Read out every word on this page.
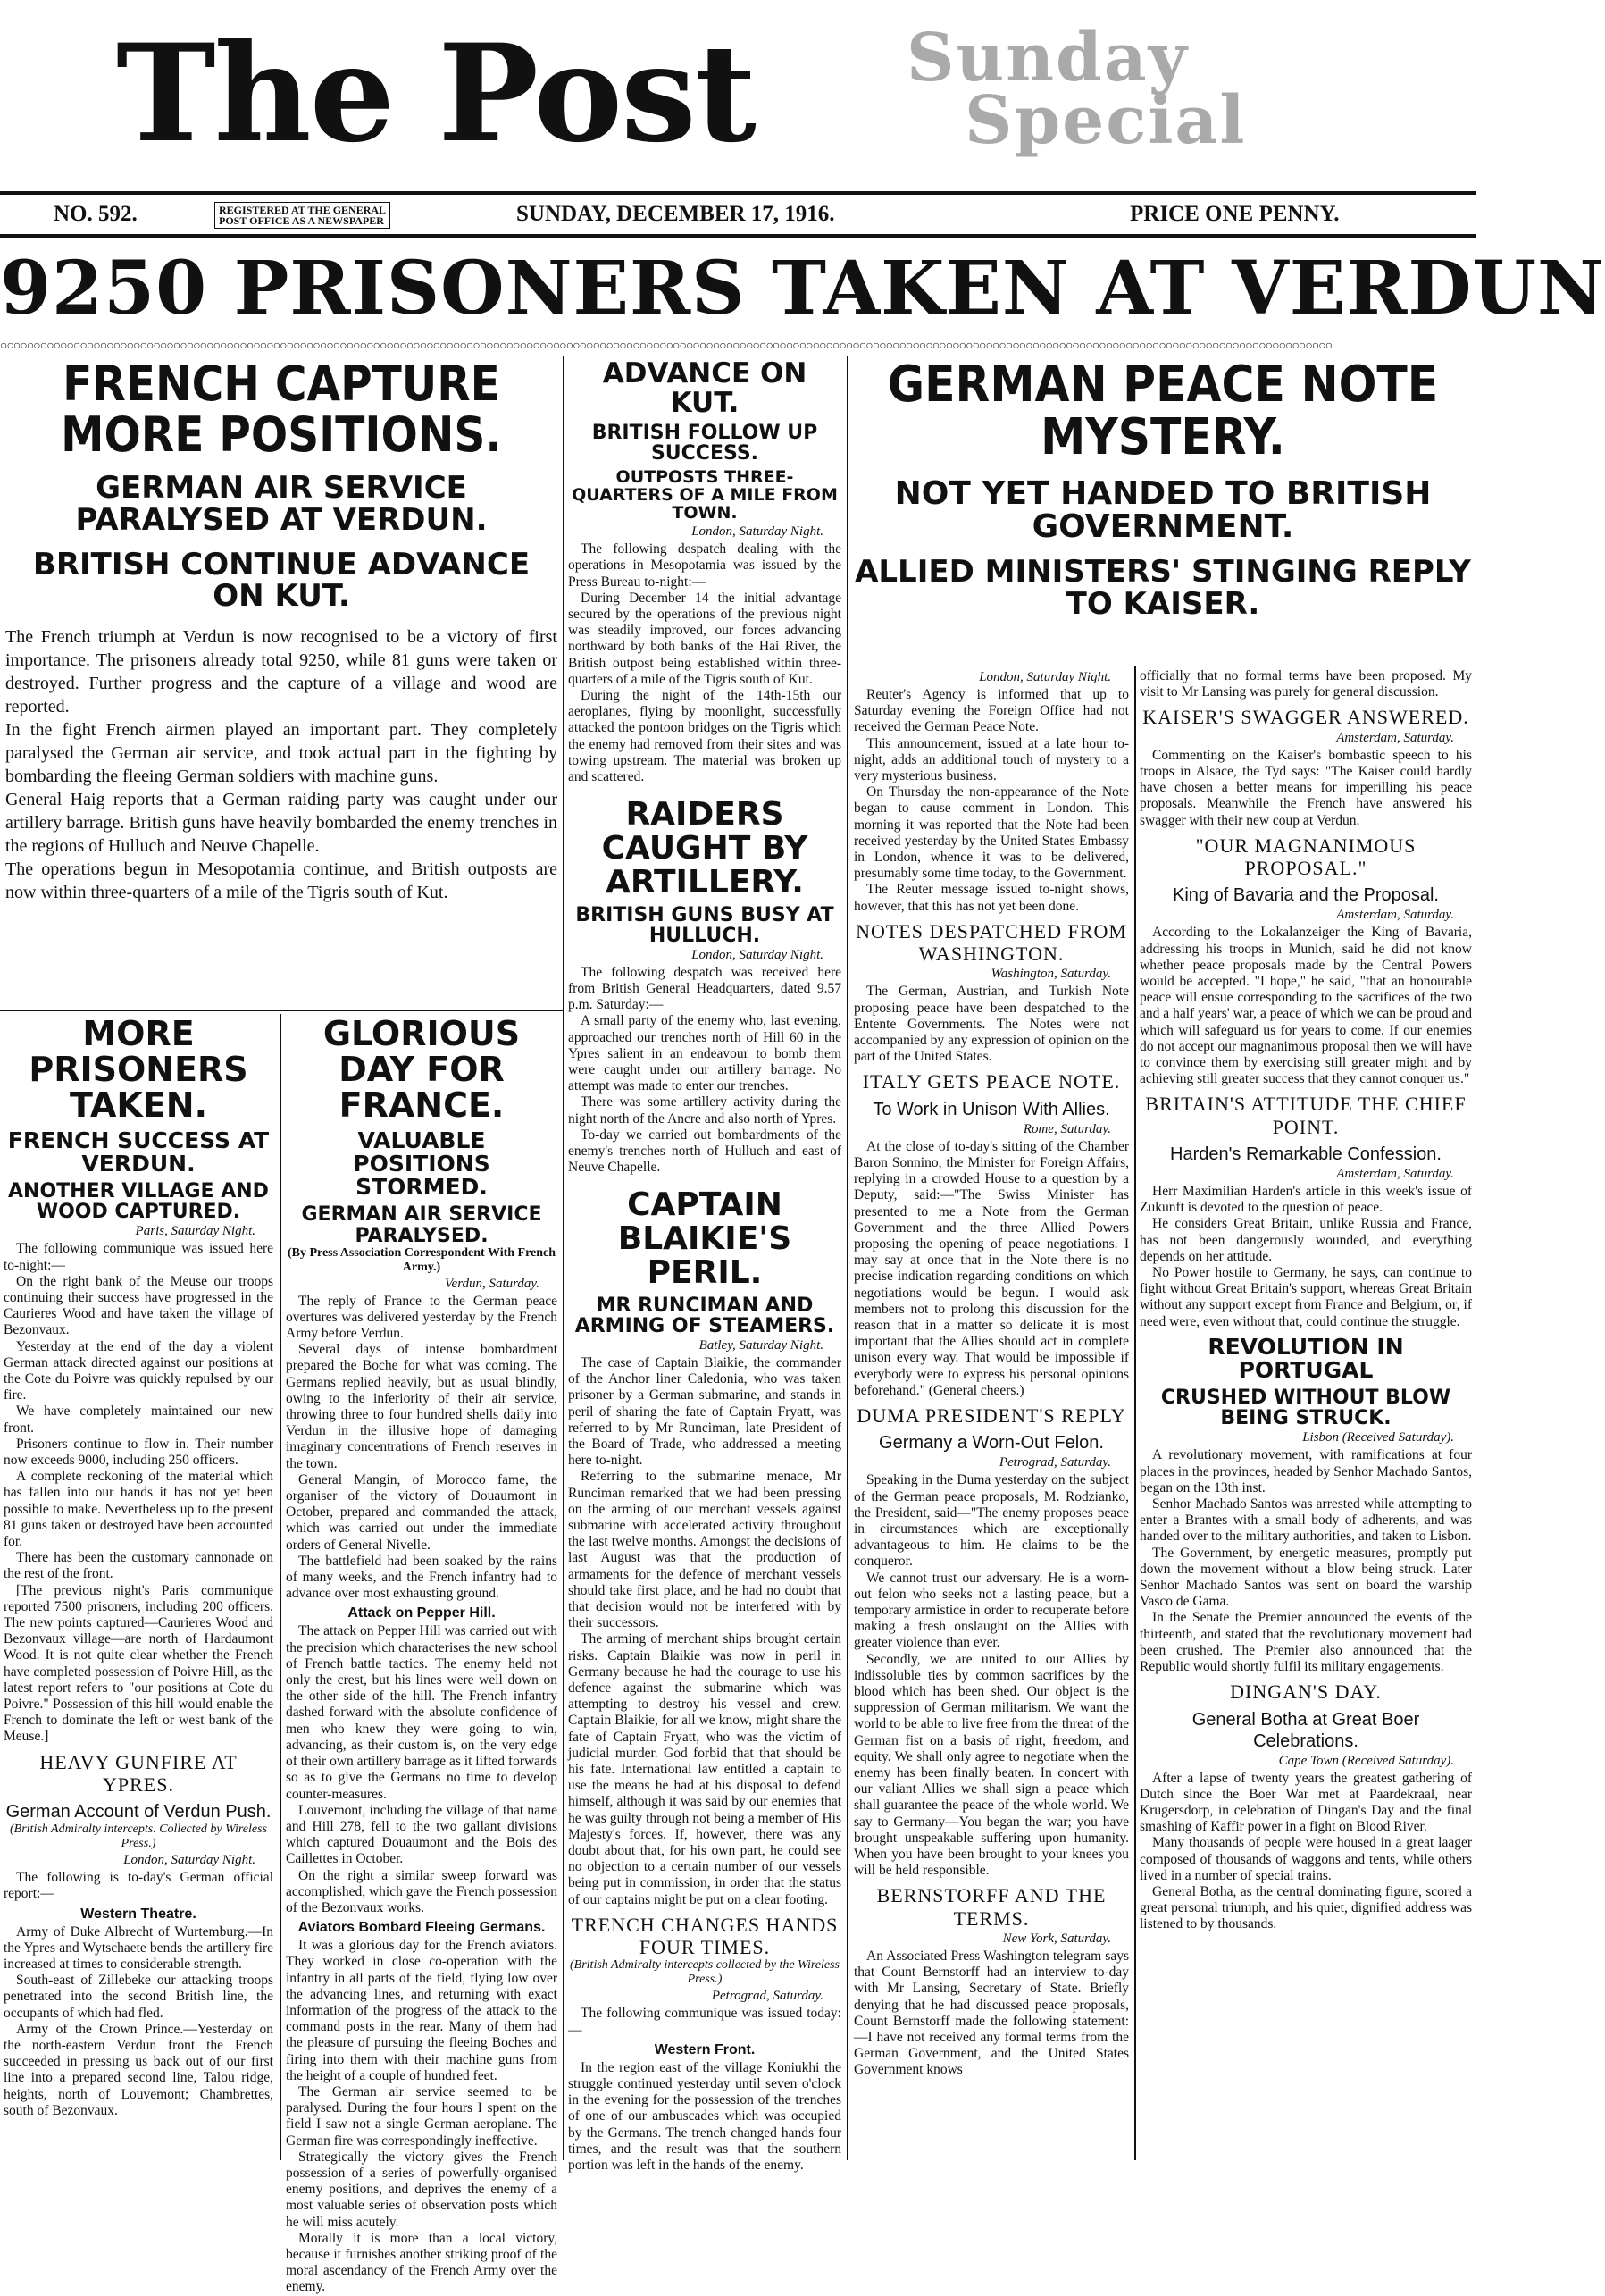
The Post Sunday
Special
NO. 592.	REGISTERED AT THE GENERAL
POST OFFICE AS A NEWSPAPER	SUNDAY, DECEMBER 17, 1916.	PRICE ONE PENNY.
9250 PRISONERS TAKEN AT VERDUN
○○○○○○○○○○○○○○○○○○○○○○○○○○○○○○○○○○○○○○○○○○○○○○○○○○○○○○○○○○○○○○○○○○○○○○○○○○○○○○○○○○○○○○○○○○○○○○○○○○○○○○○○○○○○○○○○○○○○○○○○○○○○○○○○○○○○○○○○○○○○○○○○○○○○○○○○○○○○○○○○○○○○○○○○○○○○○○○○○○○○○○○○○○○○○○○○○○○○○○○○
FRENCH CAPTURE MORE POSITIONS.
GERMAN AIR SERVICE PARALYSED AT VERDUN.
BRITISH CONTINUE ADVANCE ON KUT.

The French triumph at Verdun is now recognised to be a victory of first importance. The prisoners already total 9250, while 81 guns were taken or destroyed. Further progress and the capture of a village and wood are reported.

In the fight French airmen played an important part. They completely paralysed the German air service, and took actual part in the fighting by bombarding the fleeing German soldiers with machine guns.

General Haig reports that a German raiding party was caught under our artillery barrage. British guns have heavily bombarded the enemy trenches in the regions of Hulluch and Neuve Chapelle.

The operations begun in Mesopotamia continue, and British outposts are now within three-quarters of a mile of the Tigris south of Kut.

MORE PRISONERS TAKEN.
FRENCH SUCCESS AT VERDUN.
ANOTHER VILLAGE AND WOOD CAPTURED.

Paris, Saturday Night.

The following communique was issued here to-night:—

On the right bank of the Meuse our troops continuing their success have progressed in the Caurieres Wood and have taken the village of Bezonvaux.

Yesterday at the end of the day a violent German attack directed against our positions at the Cote du Poivre was quickly repulsed by our fire.

We have completely maintained our new front.

Prisoners continue to flow in. Their number now exceeds 9000, including 250 officers.

A complete reckoning of the material which has fallen into our hands it has not yet been possible to make. Nevertheless up to the present 81 guns taken or destroyed have been accounted for.

There has been the customary cannonade on the rest of the front.

[The previous night's Paris communique reported 7500 prisoners, including 200 officers. The new points captured—Caurieres Wood and Bezonvaux village—are north of Hardaumont Wood. It is not quite clear whether the French have completed possession of Poivre Hill, as the latest report refers to "our positions at Cote du Poivre." Possession of this hill would enable the French to dominate the left or west bank of the Meuse.]

HEAVY GUNFIRE AT YPRES.
German Account of Verdun Push.

(British Admiralty intercepts. Collected by Wireless Press.)

London, Saturday Night.

The following is to-day's German official report:—

Western Theatre.

Army of Duke Albrecht of Wurtemburg.—In the Ypres and Wytschaete bends the artillery fire increased at times to considerable strength.

South-east of Zillebeke our attacking troops penetrated into the second British line, the occupants of which had fled.

Army of the Crown Prince.—Yesterday on the north-eastern Verdun front the French succeeded in pressing us back out of our first line into a prepared second line, Talou ridge, heights, north of Louvemont; Chambrettes, south of Bezonvaux.

GLORIOUS DAY FOR FRANCE.
VALUABLE POSITIONS STORMED.
GERMAN AIR SERVICE PARALYSED.

(By Press Association Correspondent With French Army.)

Verdun, Saturday.

The reply of France to the German peace overtures was delivered yesterday by the French Army before Verdun.

Several days of intense bombardment prepared the Boche for what was coming. The Germans replied heavily, but as usual blindly, owing to the inferiority of their air service, throwing three to four hundred shells daily into Verdun in the illusive hope of damaging imaginary concentrations of French reserves in the town.

General Mangin, of Morocco fame, the organiser of the victory of Douaumont in October, prepared and commanded the attack, which was carried out under the immediate orders of General Nivelle.

The battlefield had been soaked by the rains of many weeks, and the French infantry had to advance over most exhausting ground.

Attack on Pepper Hill.

The attack on Pepper Hill was carried out with the precision which characterises the new school of French battle tactics. The enemy held not only the crest, but his lines were well down on the other side of the hill. The French infantry dashed forward with the absolute confidence of men who knew they were going to win, advancing, as their custom is, on the very edge of their own artillery barrage as it lifted forwards so as to give the Germans no time to develop counter-measures.

Louvemont, including the village of that name and Hill 278, fell to the two gallant divisions which captured Douaumont and the Bois des Caillettes in October.

On the right a similar sweep forward was accomplished, which gave the French possession of the Bezonvaux works.

Aviators Bombard Fleeing Germans.

It was a glorious day for the French aviators. They worked in close co-operation with the infantry in all parts of the field, flying low over the advancing lines, and returning with exact information of the progress of the attack to the command posts in the rear. Many of them had the pleasure of pursuing the fleeing Boches and firing into them with their machine guns from the height of a couple of hundred feet.

The German air service seemed to be paralysed. During the four hours I spent on the field I saw not a single German aeroplane. The German fire was correspondingly ineffective.

Strategically the victory gives the French possession of a series of powerfully-organised enemy positions, and deprives the enemy of a most valuable series of observation posts which he will miss acutely.

Morally it is more than a local victory, because it furnishes another striking proof of the moral ascendancy of the French Army over the enemy.

ADVANCE ON KUT.
BRITISH FOLLOW UP SUCCESS.
OUTPOSTS THREE-QUARTERS OF A MILE FROM TOWN.

London, Saturday Night.

The following despatch dealing with the operations in Mesopotamia was issued by the Press Bureau to-night:—

During December 14 the initial advantage secured by the operations of the previous night was steadily improved, our forces advancing northward by both banks of the Hai River, the British outpost being established within three-quarters of a mile of the Tigris south of Kut.

During the night of the 14th-15th our aeroplanes, flying by moonlight, successfully attacked the pontoon bridges on the Tigris which the enemy had removed from their sites and was towing upstream. The material was broken up and scattered.

RAIDERS CAUGHT BY ARTILLERY.
BRITISH GUNS BUSY AT HULLUCH.

London, Saturday Night.

The following despatch was received here from British General Headquarters, dated 9.57 p.m. Saturday:—

A small party of the enemy who, last evening, approached our trenches north of Hill 60 in the Ypres salient in an endeavour to bomb them were caught under our artillery barrage. No attempt was made to enter our trenches.

There was some artillery activity during the night north of the Ancre and also north of Ypres.

To-day we carried out bombardments of the enemy's trenches north of Hulluch and east of Neuve Chapelle.

CAPTAIN BLAIKIE'S PERIL.
MR RUNCIMAN AND ARMING OF STEAMERS.

Batley, Saturday Night.

The case of Captain Blaikie, the commander of the Anchor liner Caledonia, who was taken prisoner by a German submarine, and stands in peril of sharing the fate of Captain Fryatt, was referred to by Mr Runciman, late President of the Board of Trade, who addressed a meeting here to-night.

Referring to the submarine menace, Mr Runciman remarked that we had been pressing on the arming of our merchant vessels against submarine with accelerated activity throughout the last twelve months. Amongst the decisions of last August was that the production of armaments for the defence of merchant vessels should take first place, and he had no doubt that that decision would not be interfered with by their successors.

The arming of merchant ships brought certain risks. Captain Blaikie was now in peril in Germany because he had the courage to use his defence against the submarine which was attempting to destroy his vessel and crew. Captain Blaikie, for all we know, might share the fate of Captain Fryatt, who was the victim of judicial murder. God forbid that that should be his fate. International law entitled a captain to use the means he had at his disposal to defend himself, although it was said by our enemies that he was guilty through not being a member of His Majesty's forces. If, however, there was any doubt about that, for his own part, he could see no objection to a certain number of our vessels being put in commission, in order that the status of our captains might be put on a clear footing.

TRENCH CHANGES HANDS FOUR TIMES.

(British Admiralty intercepts collected by the Wireless Press.)

Petrograd, Saturday.

The following communique was issued today:—

Western Front.

In the region east of the village Koniukhi the struggle continued yesterday until seven o'clock in the evening for the possession of the trenches of one of our ambuscades which was occupied by the Germans. The trench changed hands four times, and the result was that the southern portion was left in the hands of the enemy.

GERMAN PEACE NOTE MYSTERY.
NOT YET HANDED TO BRITISH GOVERNMENT.
ALLIED MINISTERS' STINGING REPLY TO KAISER.

London, Saturday Night.

Reuter's Agency is informed that up to Saturday evening the Foreign Office had not received the German Peace Note.

This announcement, issued at a late hour to-night, adds an additional touch of mystery to a very mysterious business.

On Thursday the non-appearance of the Note began to cause comment in London. This morning it was reported that the Note had been received yesterday by the United States Embassy in London, whence it was to be delivered, presumably some time today, to the Government.

The Reuter message issued to-night shows, however, that this has not yet been done.

NOTES DESPATCHED FROM WASHINGTON.

Washington, Saturday.

The German, Austrian, and Turkish Note proposing peace have been despatched to the Entente Governments. The Notes were not accompanied by any expression of opinion on the part of the United States.

ITALY GETS PEACE NOTE.
To Work in Unison With Allies.

Rome, Saturday.

At the close of to-day's sitting of the Chamber Baron Sonnino, the Minister for Foreign Affairs, replying in a crowded House to a question by a Deputy, said:—"The Swiss Minister has presented to me a Note from the German Government and the three Allied Powers proposing the opening of peace negotiations. I may say at once that in the Note there is no precise indication regarding conditions on which negotiations would be begun. I would ask members not to prolong this discussion for the reason that in a matter so delicate it is most important that the Allies should act in complete unison every way. That would be impossible if everybody were to express his personal opinions beforehand." (General cheers.)

DUMA PRESIDENT'S REPLY
Germany a Worn-Out Felon.

Petrograd, Saturday.

Speaking in the Duma yesterday on the subject of the German peace proposals, M. Rodzianko, the President, said—"The enemy proposes peace in circumstances which are exceptionally advantageous to him. He claims to be the conqueror.

We cannot trust our adversary. He is a worn-out felon who seeks not a lasting peace, but a temporary armistice in order to recuperate before making a fresh onslaught on the Allies with greater violence than ever.

Secondly, we are united to our Allies by indissoluble ties by common sacrifices by the blood which has been shed. Our object is the suppression of German militarism. We want the world to be able to live free from the threat of the German fist on a basis of right, freedom, and equity. We shall only agree to negotiate when the enemy has been finally beaten. In concert with our valiant Allies we shall sign a peace which shall guarantee the peace of the whole world. We say to Germany—You began the war; you have brought unspeakable suffering upon humanity. When you have been brought to your knees you will be held responsible.

BERNSTORFF AND THE TERMS.

New York, Saturday.

An Associated Press Washington telegram says that Count Bernstorff had an interview to-day with Mr Lansing, Secretary of State. Briefly denying that he had discussed peace proposals, Count Bernstorff made the following statement:—I have not received any formal terms from the German Government, and the United States Government knows

officially that no formal terms have been proposed. My visit to Mr Lansing was purely for general discussion.

KAISER'S SWAGGER ANSWERED.

Amsterdam, Saturday.

Commenting on the Kaiser's bombastic speech to his troops in Alsace, the Tyd says: "The Kaiser could hardly have chosen a better means for imperilling his peace proposals. Meanwhile the French have answered his swagger with their new coup at Verdun.

"OUR MAGNANIMOUS PROPOSAL."
King of Bavaria and the Proposal.

Amsterdam, Saturday.

According to the Lokalanzeiger the King of Bavaria, addressing his troops in Munich, said he did not know whether peace proposals made by the Central Powers would be accepted. "I hope," he said, "that an honourable peace will ensue corresponding to the sacrifices of the two and a half years' war, a peace of which we can be proud and which will safeguard us for years to come. If our enemies do not accept our magnanimous proposal then we will have to convince them by exercising still greater might and by achieving still greater success that they cannot conquer us."

BRITAIN'S ATTITUDE THE CHIEF POINT.
Harden's Remarkable Confession.

Amsterdam, Saturday.

Herr Maximilian Harden's article in this week's issue of Zukunft is devoted to the question of peace.

He considers Great Britain, unlike Russia and France, has not been dangerously wounded, and everything depends on her attitude.

No Power hostile to Germany, he says, can continue to fight without Great Britain's support, whereas Great Britain without any support except from France and Belgium, or, if need were, even without that, could continue the struggle.

REVOLUTION IN PORTUGAL
CRUSHED WITHOUT BLOW BEING STRUCK.

Lisbon (Received Saturday).

A revolutionary movement, with ramifications at four places in the provinces, headed by Senhor Machado Santos, began on the 13th inst.

Senhor Machado Santos was arrested while attempting to enter a Brantes with a small body of adherents, and was handed over to the military authorities, and taken to Lisbon.

The Government, by energetic measures, promptly put down the movement without a blow being struck. Later Senhor Machado Santos was sent on board the warship Vasco de Gama.

In the Senate the Premier announced the events of the thirteenth, and stated that the revolutionary movement had been crushed. The Premier also announced that the Republic would shortly fulfil its military engagements.

DINGAN'S DAY.
General Botha at Great Boer Celebrations.

Cape Town (Received Saturday).

After a lapse of twenty years the greatest gathering of Dutch since the Boer War met at Paardekraal, near Krugersdorp, in celebration of Dingan's Day and the final smashing of Kaffir power in a fight on Blood River.

Many thousands of people were housed in a great laager composed of thousands of waggons and tents, while others lived in a number of special trains.

General Botha, as the central dominating figure, scored a great personal triumph, and his quiet, dignified address was listened to by thousands.
